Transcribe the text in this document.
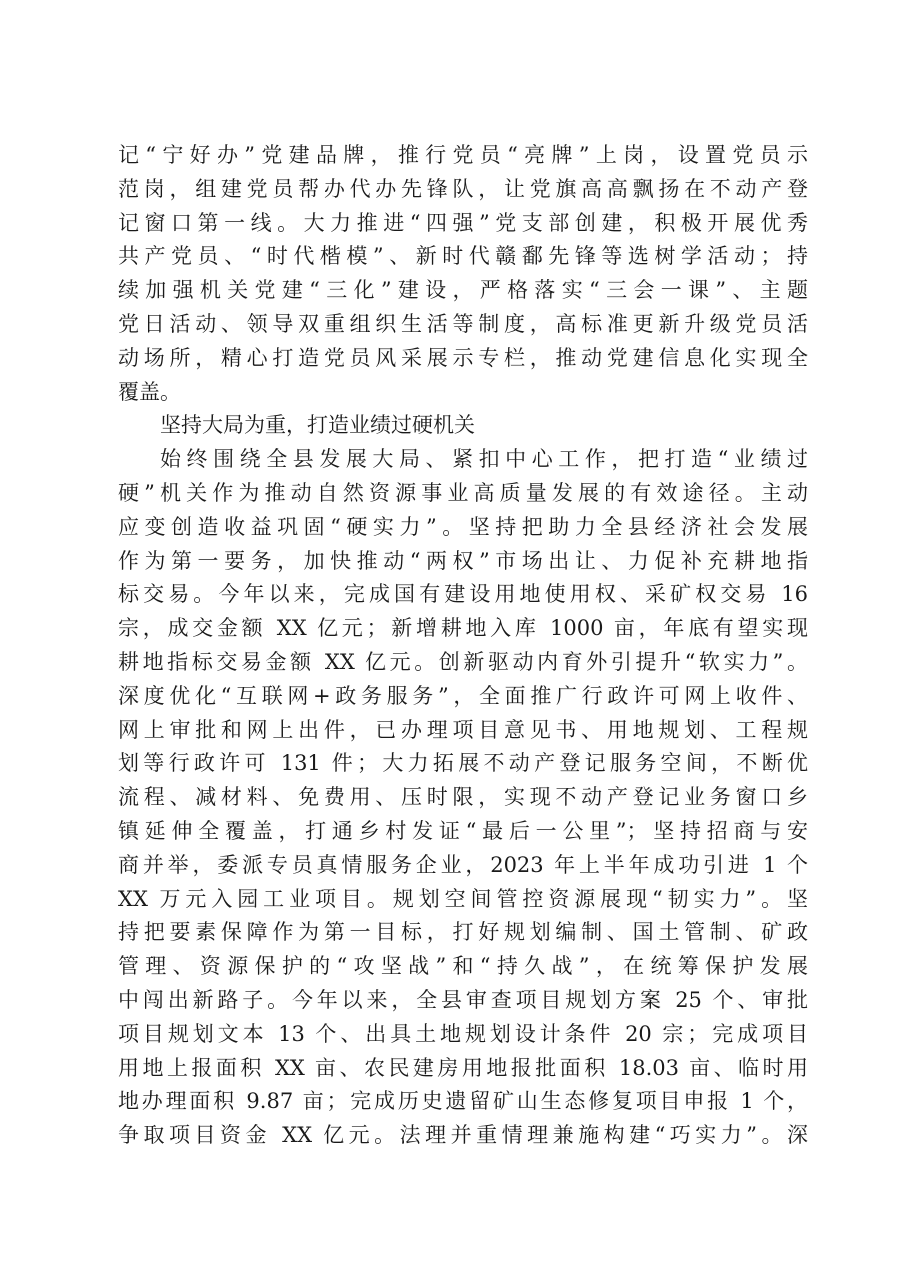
记“宁好办”党建品牌，推行党员“亮牌”上岗，设置党员示
范岗，组建党员帮办代办先锋队，让党旗高高飘扬在不动产登
记窗口第一线。大力推进“四强”党支部创建，积极开展优秀
共产党员、“时代楷模”、新时代赣鄱先锋等选树学活动；持
续加强机关党建“三化”建设，严格落实“三会一课”、主题
党日活动、领导双重组织生活等制度，高标准更新升级党员活
动场所，精心打造党员风采展示专栏，推动党建信息化实现全
覆盖。
坚持大局为重，打造业绩过硬机关
始终围绕全县发展大局、紧扣中心工作，把打造“业绩过
硬”机关作为推动自然资源事业高质量发展的有效途径。主动
应变创造收益巩固“硬实力”。坚持把助力全县经济社会发展
作为第一要务，加快推动“两权”市场出让、力促补充耕地指
标交易。今年以来，完成国有建设用地使用权、采矿权交易 16
宗，成交金额 XX 亿元；新增耕地入库 1000 亩，年底有望实现
耕地指标交易金额 XX 亿元。创新驱动内育外引提升“软实力”。
深度优化“互联网+政务服务”，全面推广行政许可网上收件、
网上审批和网上出件，已办理项目意见书、用地规划、工程规
划等行政许可 131 件；大力拓展不动产登记服务空间，不断优
流程、减材料、免费用、压时限，实现不动产登记业务窗口乡
镇延伸全覆盖，打通乡村发证“最后一公里”；坚持招商与安
商并举，委派专员真情服务企业，2023 年上半年成功引进 1 个
XX 万元入园工业项目。规划空间管控资源展现“韧实力”。坚
持把要素保障作为第一目标，打好规划编制、国土管制、矿政
管理、资源保护的“攻坚战”和“持久战”，在统筹保护发展
中闯出新路子。今年以来，全县审查项目规划方案 25 个、审批
项目规划文本 13 个、出具土地规划设计条件 20 宗；完成项目
用地上报面积 XX 亩、农民建房用地报批面积 18.03 亩、临时用
地办理面积 9.87 亩；完成历史遗留矿山生态修复项目申报 1 个，
争取项目资金 XX 亿元。法理并重情理兼施构建“巧实力”。深
